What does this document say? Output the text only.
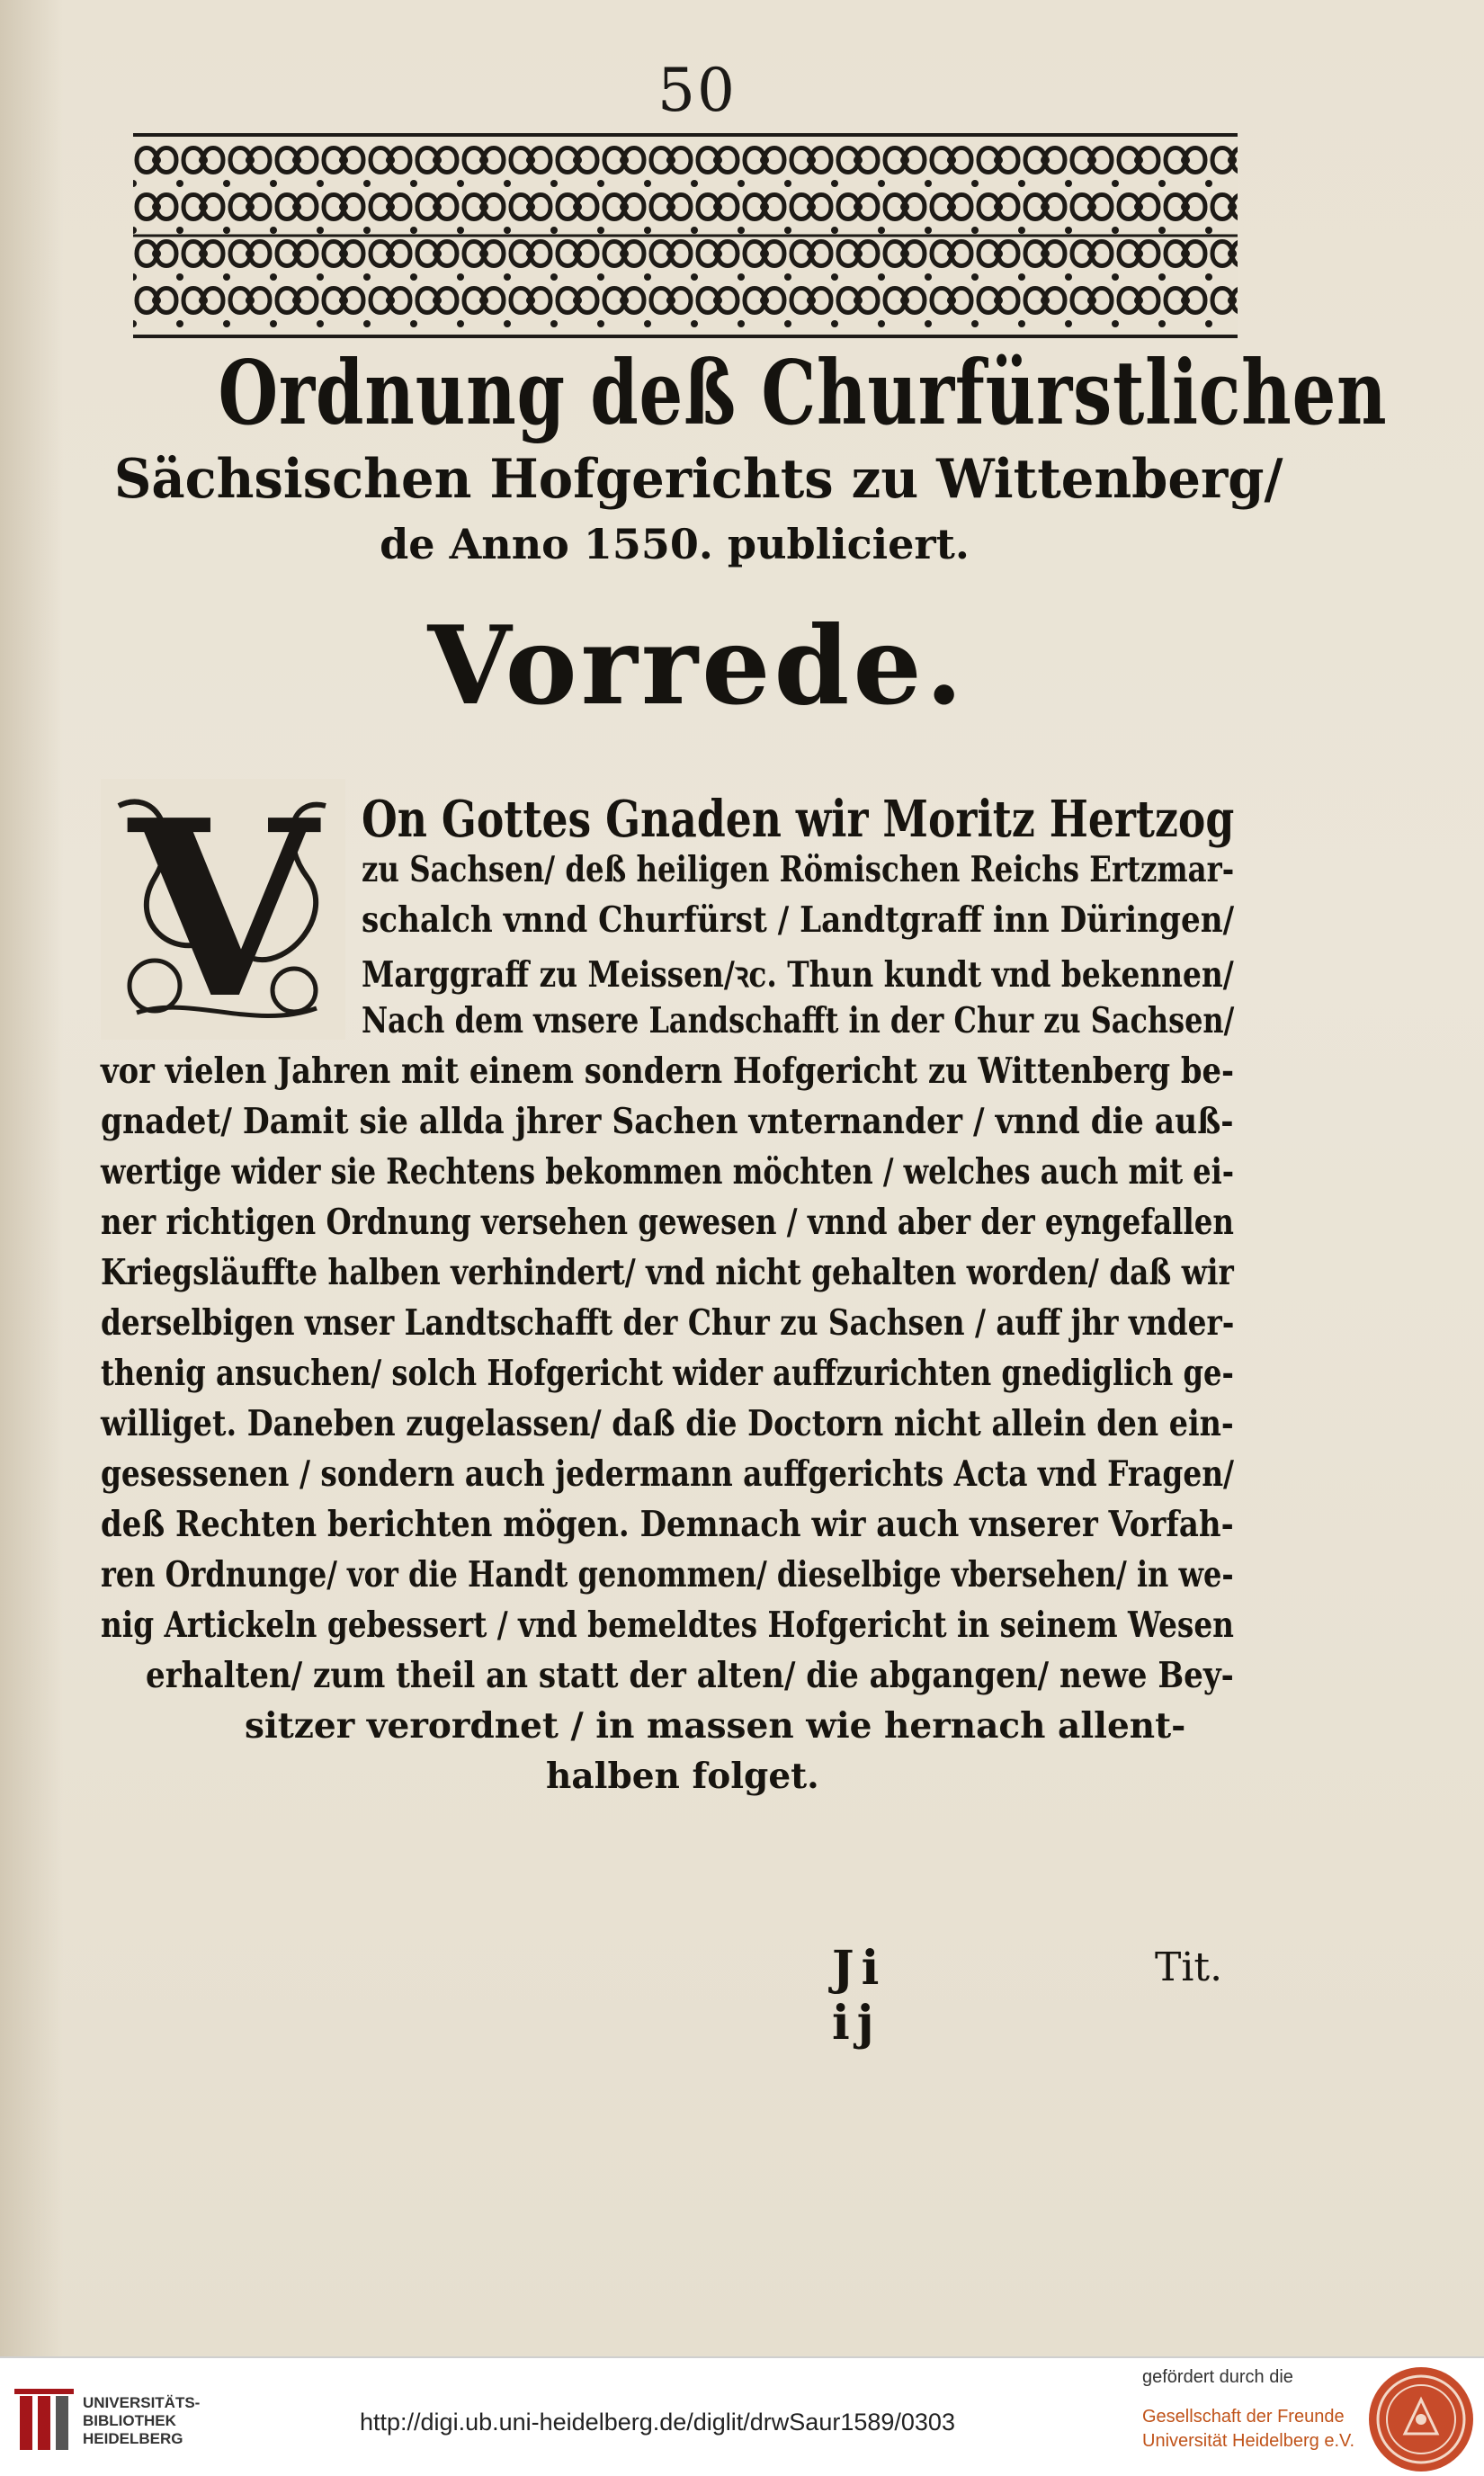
50
Ordnung deß Churfürstlichen
Sächsischen Hofgerichts zu Wittenberg/
de Anno 1550. publiciert.
Vorrede.
V On Gottes Gnaden wir Moritz Hertzog
zu Sachsen/ deß heiligen Römischen Reichs Ertzmar-
schalch vnnd Churfürst / Landtgraff inn Düringen/
Marggraff zu Meissen/ꝛc. Thun kundt vnd bekennen/
Nach dem vnsere Landschafft in der Chur zu Sachsen/
vor vielen Jahren mit einem sondern Hofgericht zu Wittenberg be-
gnadet/ Damit sie allda jhrer Sachen vnternander / vnnd die auß-
wertige wider sie Rechtens bekommen möchten / welches auch mit ei-
ner richtigen Ordnung versehen gewesen / vnnd aber der eyngefallen
Kriegsläuffte halben verhindert/ vnd nicht gehalten worden/ daß wir
derselbigen vnser Landtschafft der Chur zu Sachsen / auff jhr vnder-
thenig ansuchen/ solch Hofgericht wider auffzurichten gnediglich ge-
williget. Daneben zugelassen/ daß die Doctorn nicht allein den ein-
gesessenen / sondern auch jedermann auffgerichts Acta vnd Fragen/
deß Rechten berichten mögen. Demnach wir auch vnserer Vorfah-
ren Ordnunge/ vor die Handt genommen/ dieselbige vbersehen/ in we-
nig Artickeln gebessert / vnd bemeldtes Hofgericht in seinem Wesen
erhalten/ zum theil an statt der alten/ die abgangen/ newe Bey-
sitzer verordnet / in massen wie hernach allent-
halben folget.
Ji ij
Tit.
UNIVERSITÄTS-
BIBLIOTHEK
HEIDELBERG
http://digi.ub.uni-heidelberg.de/diglit/drwSaur1589/0303
gefördert durch die
Gesellschaft der Freunde
Universität Heidelberg e.V.
